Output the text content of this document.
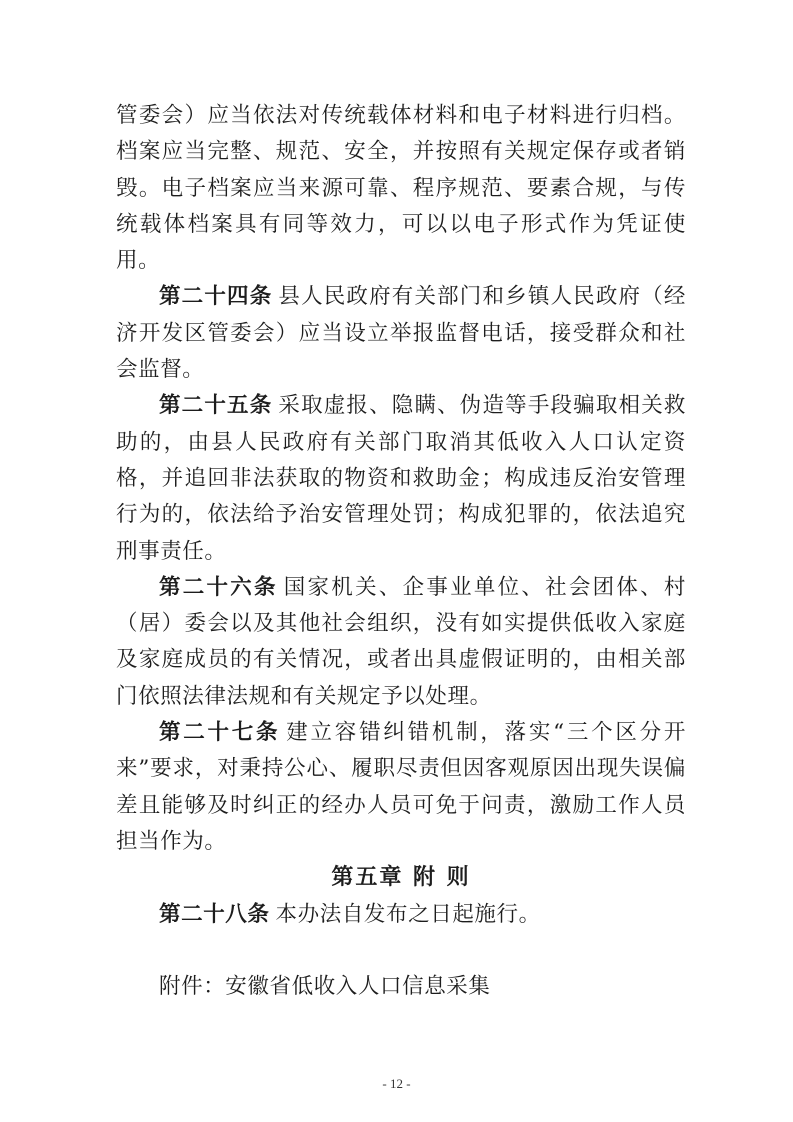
管委会）应当依法对传统载体材料和电子材料进行归档。档案应当完整、规范、安全，并按照有关规定保存或者销毁。电子档案应当来源可靠、程序规范、要素合规，与传统载体档案具有同等效力，可以以电子形式作为凭证使用。

第二十四条 县人民政府有关部门和乡镇人民政府（经济开发区管委会）应当设立举报监督电话，接受群众和社会监督。

第二十五条 采取虚报、隐瞒、伪造等手段骗取相关救助的，由县人民政府有关部门取消其低收入人口认定资格，并追回非法获取的物资和救助金；构成违反治安管理行为的，依法给予治安管理处罚；构成犯罪的，依法追究刑事责任。

第二十六条 国家机关、企事业单位、社会团体、村（居）委会以及其他社会组织，没有如实提供低收入家庭及家庭成员的有关情况，或者出具虚假证明的，由相关部门依照法律法规和有关规定予以处理。

第二十七条 建立容错纠错机制，落实“三个区分开来”要求，对秉持公心、履职尽责但因客观原因出现失误偏差且能够及时纠正的经办人员可免于问责，激励工作人员担当作为。

第五章 附 则

第二十八条 本办法自发布之日起施行。

附件：安徽省低收入人口信息采集

- 12 -
